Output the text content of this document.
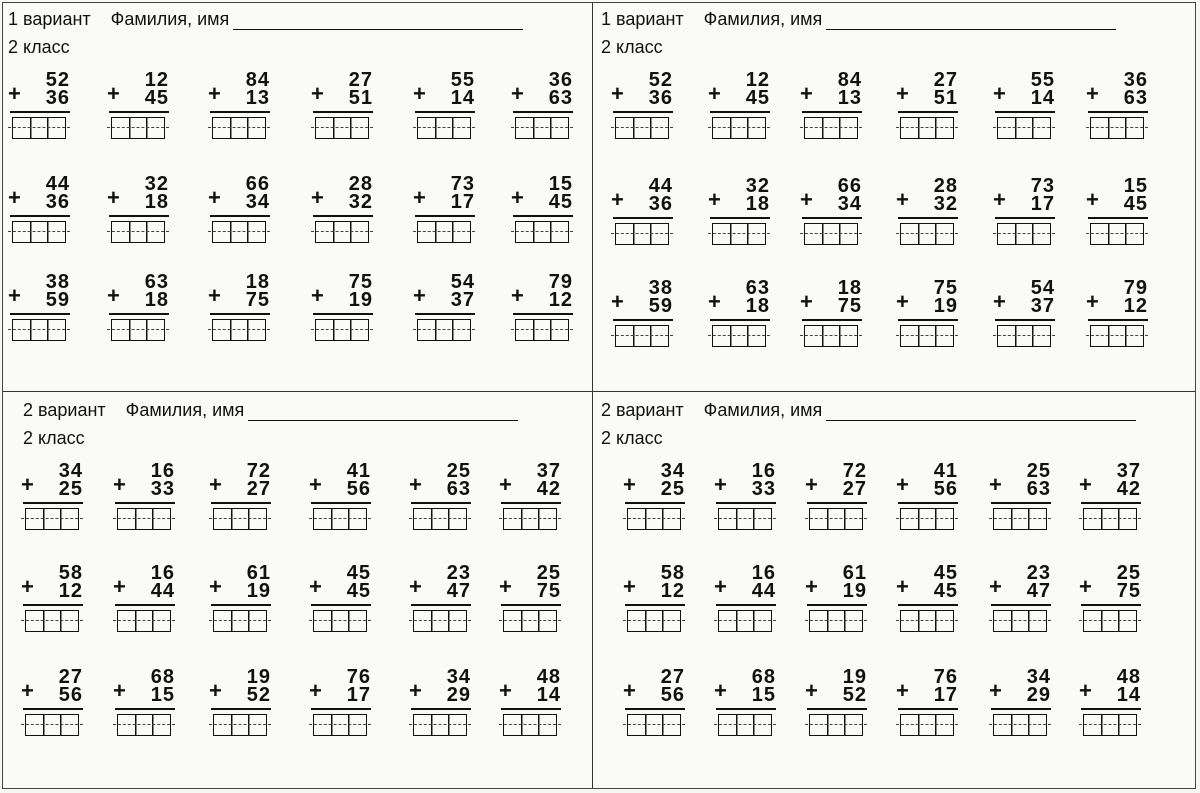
1 вариант Фамилия, имя
2 класс
+
52
36 +
12
45 +
84
13 +
27
51 +
55
14 +
36
63
+
44
36 +
32
18 +
66
34 +
28
32 +
73
17 +
15
45
+
38
59 +
63
18 +
18
75 +
75
19 +
54
37 +
79
12
1 вариант Фамилия, имя
2 класс
+
52
36 +
12
45 +
84
13 +
27
51 +
55
14 +
36
63
+
44
36 +
32
18 +
66
34 +
28
32 +
73
17 +
15
45
+
38
59 +
63
18 +
18
75 +
75
19 +
54
37 +
79
12
2 вариант Фамилия, имя
2 класс
+
34
25 +
16
33 +
72
27 +
41
56 +
25
63 +
37
42
+
58
12 +
16
44 +
61
19 +
45
45 +
23
47 +
25
75
+
27
56 +
68
15 +
19
52 +
76
17 +
34
29 +
48
14
2 вариант Фамилия, имя
2 класс
+
34
25 +
16
33 +
72
27 +
41
56 +
25
63 +
37
42
+
58
12 +
16
44 +
61
19 +
45
45 +
23
47 +
25
75
+
27
56 +
68
15 +
19
52 +
76
17 +
34
29 +
48
14
